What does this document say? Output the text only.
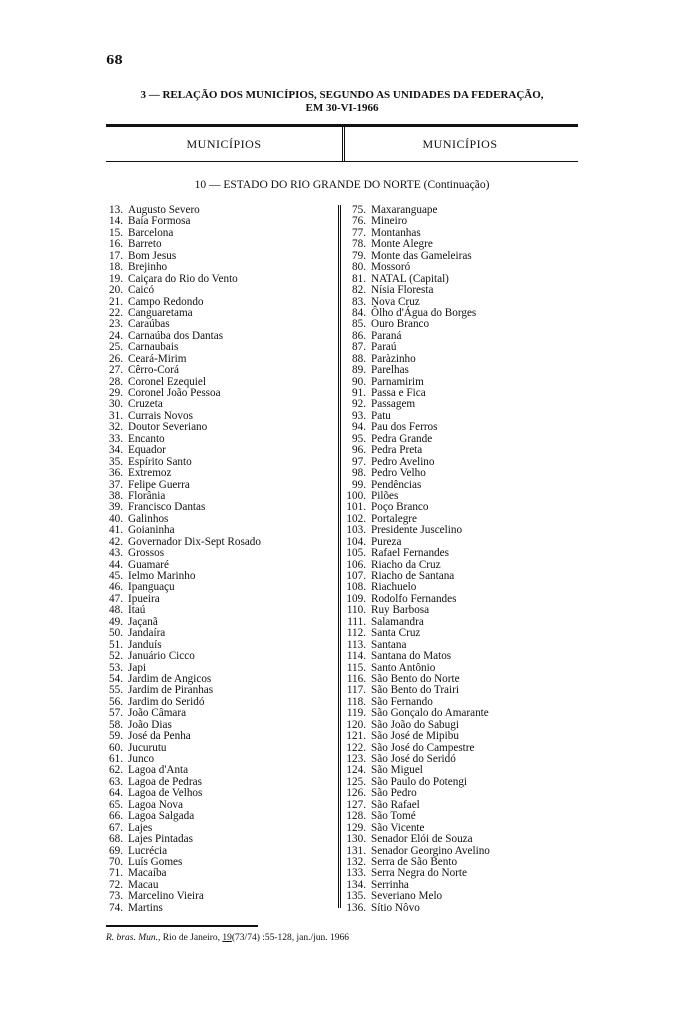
68
3 — RELAÇÃO DOS MUNICÍPIOS, SEGUNDO AS UNIDADES DA FEDERAÇÃO,
EM 30-VI-1966
MUNICÍPIOS	MUNICÍPIOS
10 — ESTADO DO RIO GRANDE DO NORTE (Continuação)
13. Augusto Severo
14. Baía Formosa
15. Barcelona
16. Barreto
17. Bom Jesus
18. Brejinho
19. Caiçara do Rio do Vento
20. Caicó
21. Campo Redondo
22. Canguaretama
23. Caraúbas
24. Carnaúba dos Dantas
25. Carnaubais
26. Ceará-Mirim
27. Cêrro-Corá
28. Coronel Ezequiel
29. Coronel João Pessoa
30. Cruzeta
31. Currais Novos
32. Doutor Severiano
33. Encanto
34. Equador
35. Espírito Santo
36. Extremoz
37. Felipe Guerra
38. Florânia
39. Francisco Dantas
40. Galinhos
41. Goianinha
42. Governador Dix-Sept Rosado
43. Grossos
44. Guamaré
45. Ielmo Marinho
46. Ipanguaçu
47. Ipueira
48. Itaú
49. Jaçanã
50. Jandaíra
51. Janduís
52. Januário Cicco
53. Japi
54. Jardim de Angicos
55. Jardim de Piranhas
56. Jardim do Seridó
57. João Câmara
58. João Dias
59. José da Penha
60. Jucurutu
61. Junco
62. Lagoa d'Anta
63. Lagoa de Pedras
64. Lagoa de Velhos
65. Lagoa Nova
66. Lagoa Salgada
67. Lajes
68. Lajes Pintadas
69. Lucrécia
70. Luís Gomes
71. Macaíba
72. Macau
73. Marcelino Vieira
74. Martins
75. Maxaranguape
76. Mineiro
77. Montanhas
78. Monte Alegre
79. Monte das Gameleiras
80. Mossoró
81. NATAL (Capital)
82. Nísia Floresta
83. Nova Cruz
84. Ôlho d'Água do Borges
85. Ouro Branco
86. Paraná
87. Paraú
88. Paràzinho
89. Parelhas
90. Parnamirim
91. Passa e Fica
92. Passagem
93. Patu
94. Pau dos Ferros
95. Pedra Grande
96. Pedra Preta
97. Pedro Avelino
98. Pedro Velho
99. Pendências
100. Pilões
101. Poço Branco
102. Portalegre
103. Presidente Juscelino
104. Pureza
105. Rafael Fernandes
106. Riacho da Cruz
107. Riacho de Santana
108. Riachuelo
109. Rodolfo Fernandes
110. Ruy Barbosa
111. Salamandra
112. Santa Cruz
113. Santana
114. Santana do Matos
115. Santo Antônio
116. São Bento do Norte
117. São Bento do Trairi
118. São Fernando
119. São Gonçalo do Amarante
120. São João do Sabugi
121. São José de Mipibu
122. São José do Campestre
123. São José do Seridó
124. São Miguel
125. São Paulo do Potengi
126. São Pedro
127. São Rafael
128. São Tomé
129. São Vicente
130. Senador Elói de Souza
131. Senador Georgino Avelino
132. Serra de São Bento
133. Serra Negra do Norte
134. Serrinha
135. Severiano Melo
136. Sítio Nôvo
R. bras. Mun., Rio de Janeiro, 19(73/74) :55-128, jan./jun. 1966
